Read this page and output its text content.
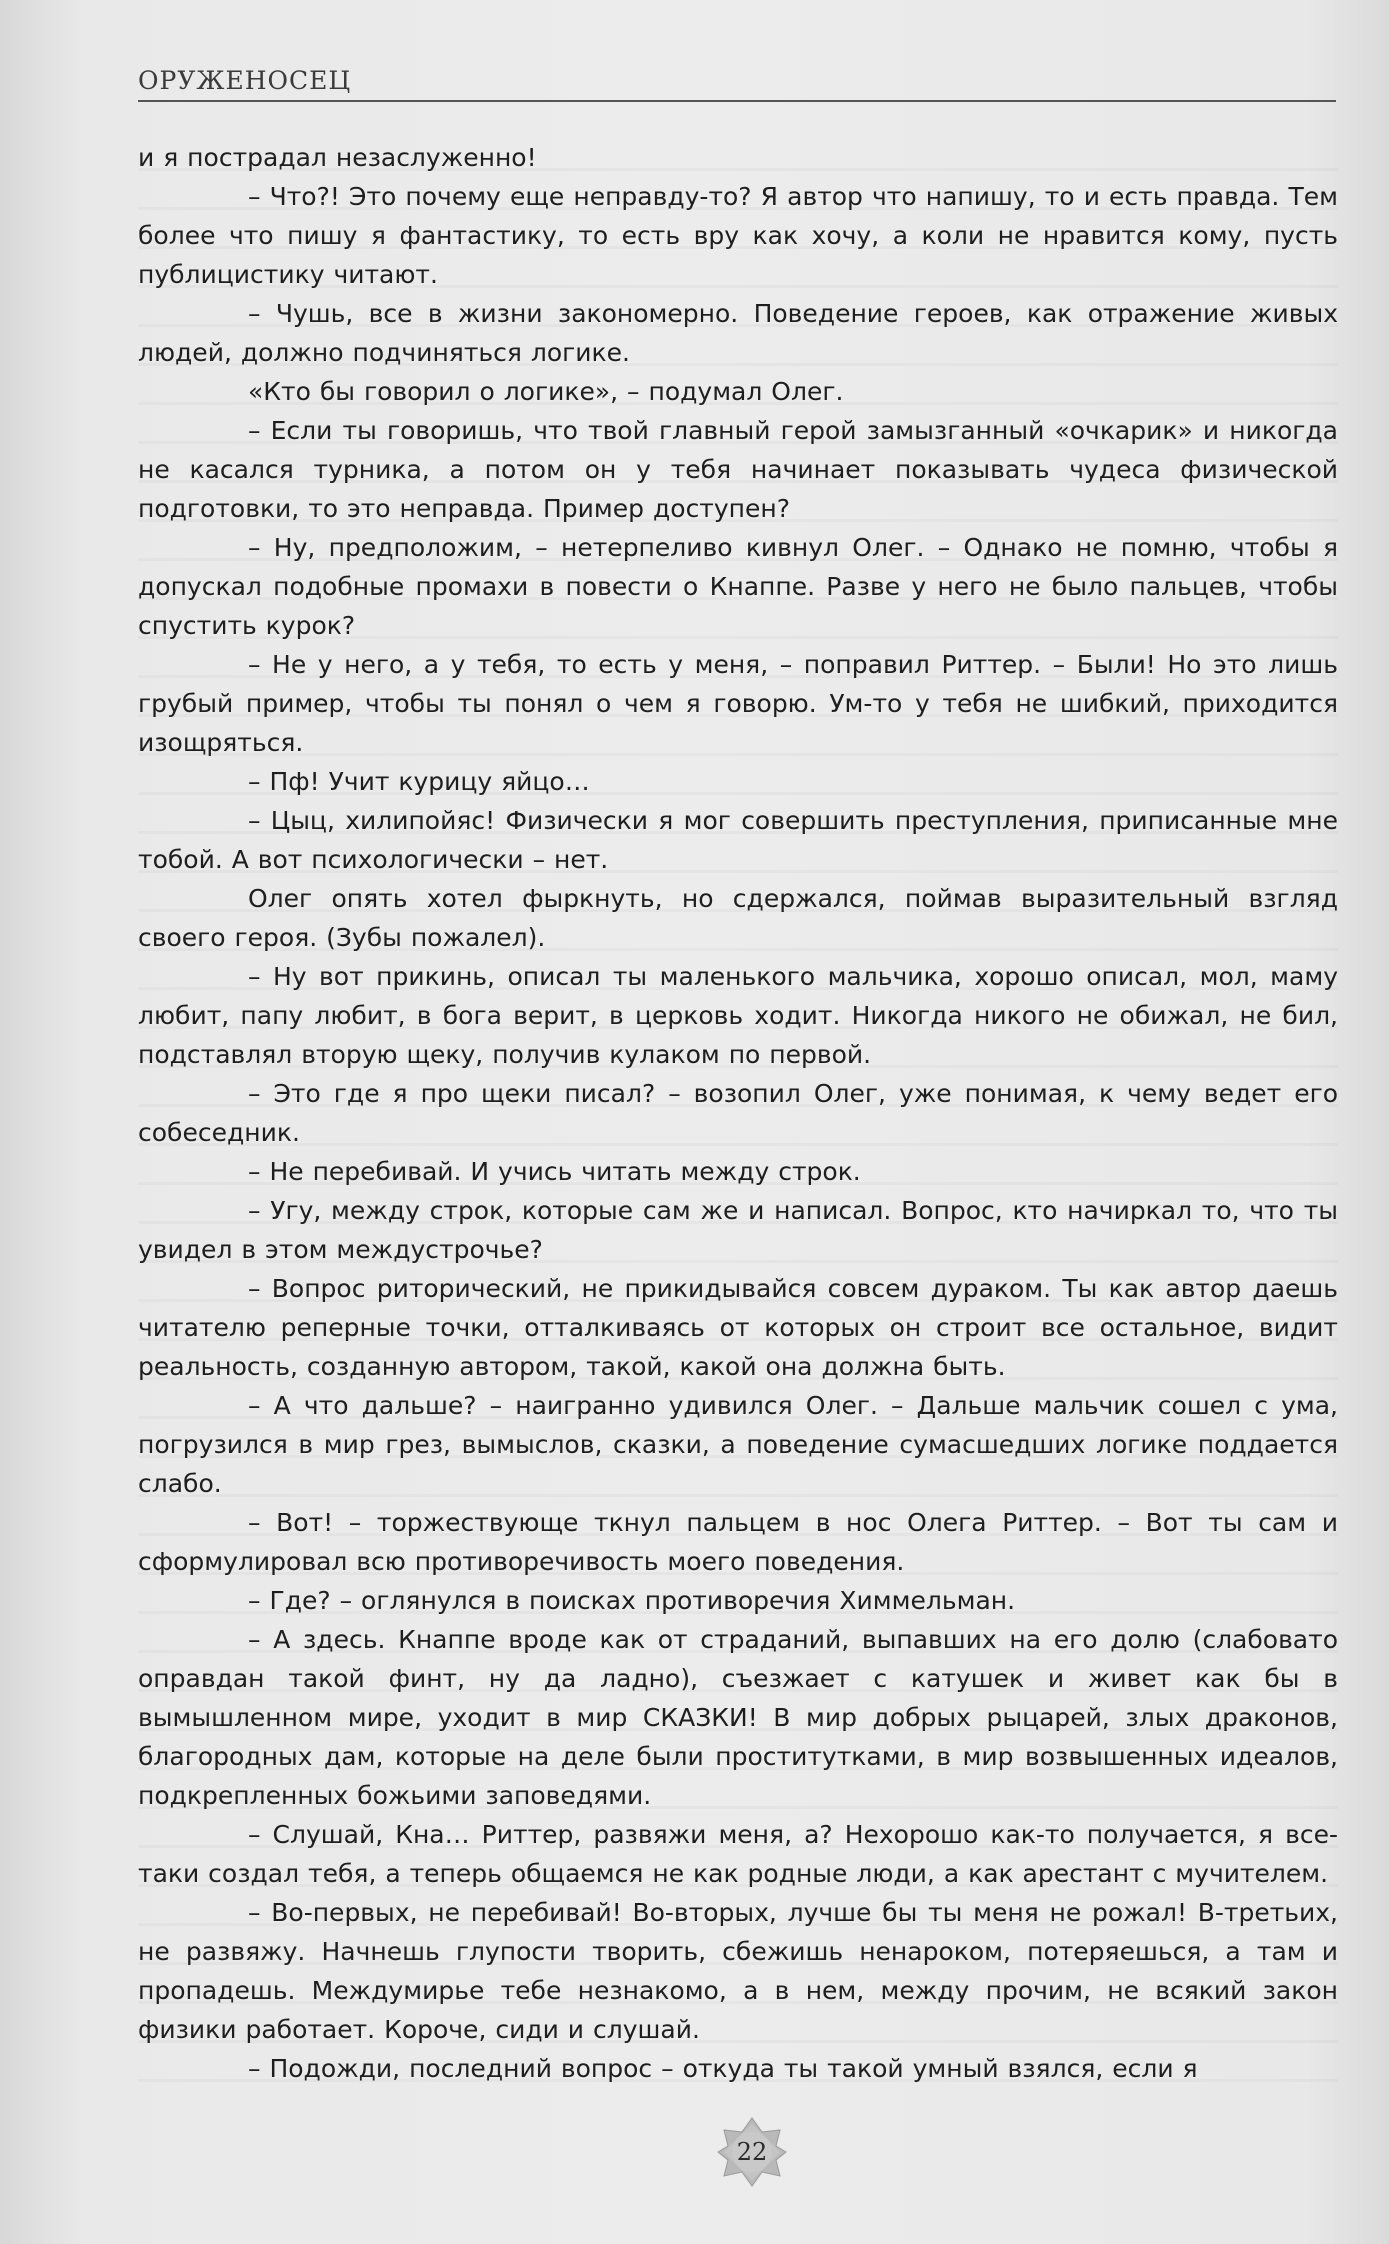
ОРУЖЕНОСЕЦ

и я пострадал незаслуженно!

– Что?! Это почему еще неправду-то? Я автор что напишу, то и есть правда. Тем более что пишу я фантастику, то есть вру как хочу, а коли не нравится кому, пусть публицистику читают.

– Чушь, все в жизни закономерно. Поведение героев, как отражение живых людей, должно подчиняться логике.

«Кто бы говорил о логике», – подумал Олег.

– Если ты говоришь, что твой главный герой замызганный «очкарик» и никогда не касался турника, а потом он у тебя начинает показывать чудеса физической подготовки, то это неправда. Пример доступен?

– Ну, предположим, – нетерпеливо кивнул Олег. – Однако не помню, чтобы я допускал подобные промахи в повести о Кнаппе. Разве у него не было пальцев, чтобы спустить курок?

– Не у него, а у тебя, то есть у меня, – поправил Риттер. – Были! Но это лишь грубый пример, чтобы ты понял о чем я говорю. Ум-то у тебя не шибкий, приходится изощряться.

– Пф! Учит курицу яйцо…

– Цыц, хилипойяс! Физически я мог совершить преступления, приписанные мне тобой. А вот психологически – нет.

Олег опять хотел фыркнуть, но сдержался, поймав выразительный взгляд своего героя. (Зубы пожалел).

– Ну вот прикинь, описал ты маленького мальчика, хорошо описал, мол, маму любит, папу любит, в бога верит, в церковь ходит. Никогда никого не обижал, не бил, подставлял вторую щеку, получив кулаком по первой.

– Это где я про щеки писал? – возопил Олег, уже понимая, к чему ведет его собеседник.

– Не перебивай. И учись читать между строк.

– Угу, между строк, которые сам же и написал. Вопрос, кто начиркал то, что ты увидел в этом междустрочье?

– Вопрос риторический, не прикидывайся совсем дураком. Ты как автор даешь читателю реперные точки, отталкиваясь от которых он строит все остальное, видит реальность, созданную автором, такой, какой она должна быть.

– А что дальше? – наигранно удивился Олег. – Дальше мальчик сошел с ума, погрузился в мир грез, вымыслов, сказки, а поведение сумасшедших логике поддается слабо.

– Вот! – торжествующе ткнул пальцем в нос Олега Риттер. – Вот ты сам и сформулировал всю противоречивость моего поведения.

– Где? – оглянулся в поисках противоречия Химмельман.

– А здесь. Кнаппе вроде как от страданий, выпавших на его долю (слабовато оправдан такой финт, ну да ладно), съезжает с катушек и живет как бы в вымышленном мире, уходит в мир СКАЗКИ! В мир добрых рыцарей, злых драконов, благородных дам, которые на деле были проститутками, в мир возвышенных идеалов, подкрепленных божьими заповедями.

– Слушай, Кна… Риттер, развяжи меня, а? Нехорошо как-то получается, я все-таки создал тебя, а теперь общаемся не как родные люди, а как арестант с мучителем.

– Во-первых, не перебивай! Во-вторых, лучше бы ты меня не рожал! В-третьих, не развяжу. Начнешь глупости творить, сбежишь ненароком, потеряешься, а там и пропадешь. Междумирье тебе незнакомо, а в нем, между прочим, не всякий закон физики работает. Короче, сиди и слушай.

– Подожди, последний вопрос – откуда ты такой умный взялся, если я

22
